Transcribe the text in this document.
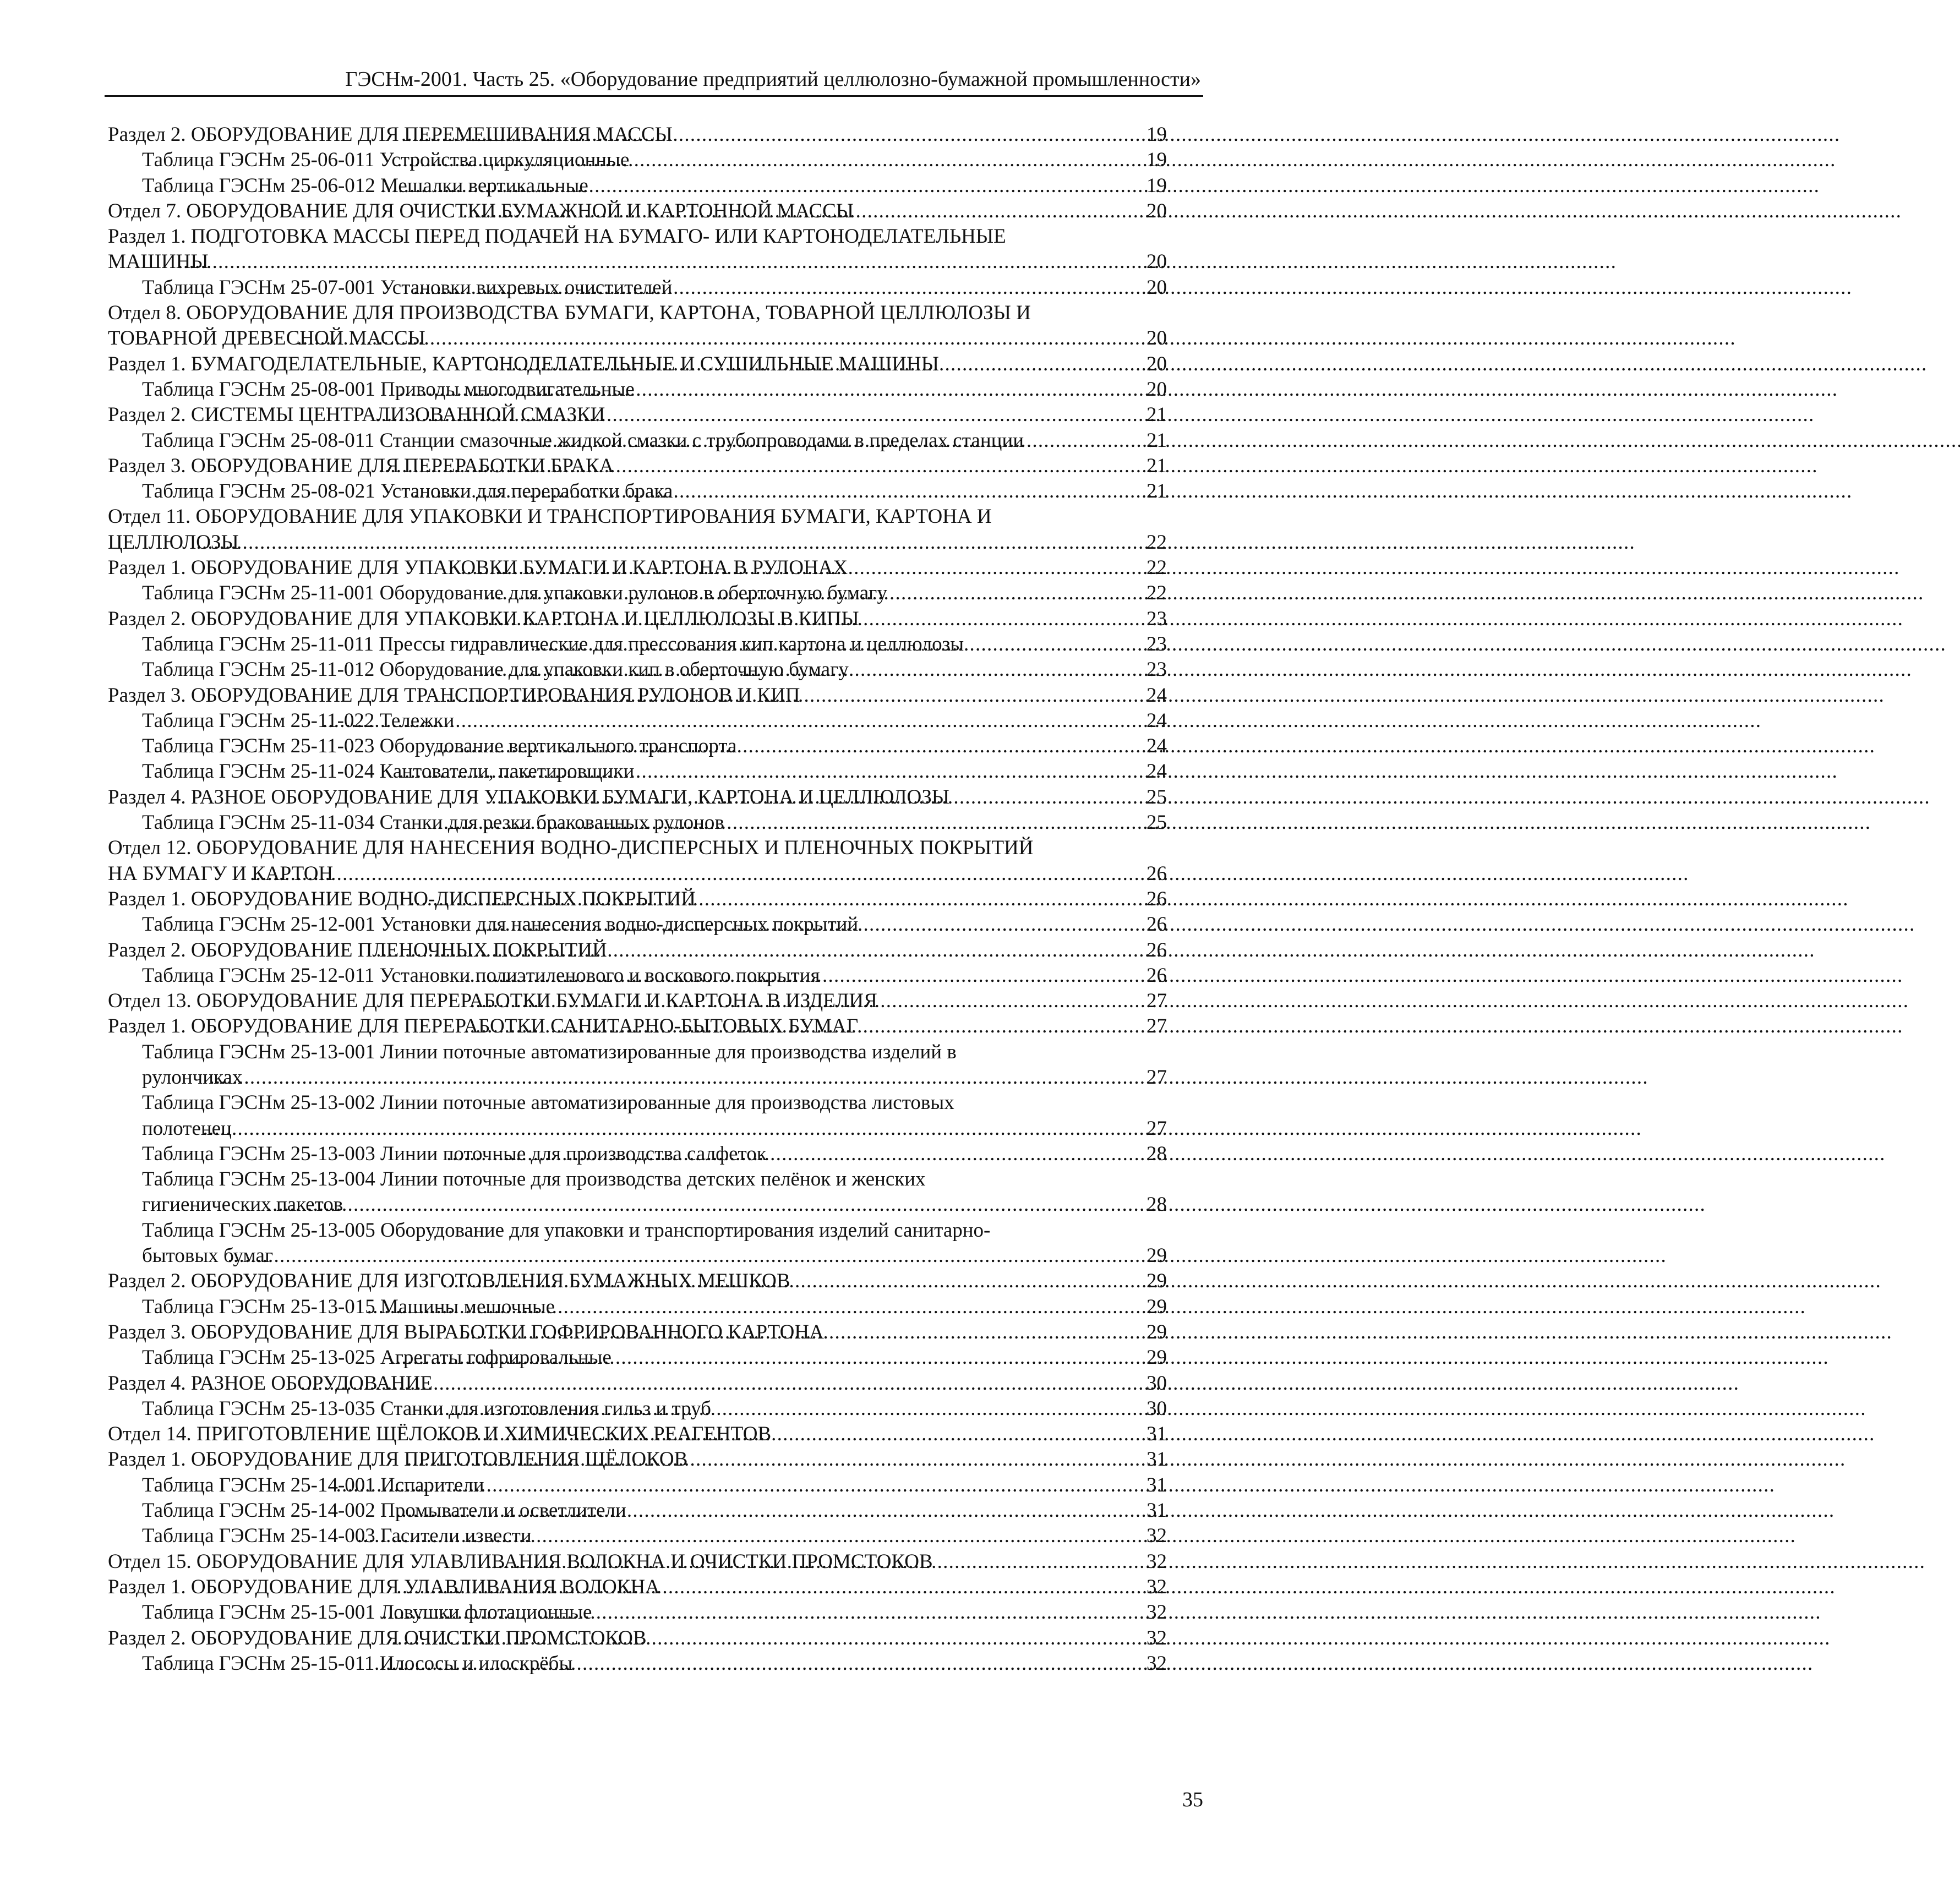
ГЭСНм-2001. Часть 25. «Оборудование предприятий целлюлозно-бумажной промышленности»
Раздел 2. ОБОРУДОВАНИЕ ДЛЯ ПЕРЕМЕШИВАНИЯ МАССЫ . . .	19
Таблица ГЭСНм 25-06-011 Устройства циркуляционные . . .	19
Таблица ГЭСНм 25-06-012 Мешалки вертикальные . . .	19
Отдел 7. ОБОРУДОВАНИЕ ДЛЯ ОЧИСТКИ БУМАЖНОЙ И КАРТОННОЙ МАССЫ . . .	20
Раздел 1. ПОДГОТОВКА МАССЫ ПЕРЕД ПОДАЧЕЙ НА БУМАГО- ИЛИ КАРТОНОДЕЛАТЕЛЬНЫЕ
МАШИНЫ . . .	20
Таблица ГЭСНм 25-07-001 Установки вихревых очистителей . . .	20
Отдел 8. ОБОРУДОВАНИЕ ДЛЯ ПРОИЗВОДСТВА БУМАГИ, КАРТОНА, ТОВАРНОЙ ЦЕЛЛЮЛОЗЫ И
ТОВАРНОЙ ДРЕВЕСНОЙ МАССЫ . . .	20
Раздел 1. БУМАГОДЕЛАТЕЛЬНЫЕ, КАРТОНОДЕЛАТЕЛЬНЫЕ И СУШИЛЬНЫЕ МАШИНЫ . . .	20
Таблица ГЭСНм 25-08-001 Приводы многодвигательные . . .	20
Раздел 2. СИСТЕМЫ ЦЕНТРАЛИЗОВАННОЙ СМАЗКИ . . .	21
Таблица ГЭСНм 25-08-011 Станции смазочные жидкой смазки с трубопроводами в пределах станции . . .	21
Раздел 3. ОБОРУДОВАНИЕ ДЛЯ ПЕРЕРАБОТКИ БРАКА . . .	21
Таблица ГЭСНм 25-08-021 Установки для переработки брака . . .	21
Отдел 11. ОБОРУДОВАНИЕ ДЛЯ УПАКОВКИ И ТРАНСПОРТИРОВАНИЯ БУМАГИ, КАРТОНА И
ЦЕЛЛЮЛОЗЫ . . .	22
Раздел 1. ОБОРУДОВАНИЕ ДЛЯ УПАКОВКИ БУМАГИ И КАРТОНА В РУЛОНАХ . . .	22
Таблица ГЭСНм 25-11-001 Оборудование для упаковки рулонов в оберточную бумагу . . .	22
Раздел 2. ОБОРУДОВАНИЕ ДЛЯ УПАКОВКИ КАРТОНА И ЦЕЛЛЮЛОЗЫ В КИПЫ . . .	23
Таблица ГЭСНм 25-11-011 Прессы гидравлические для прессования кип картона и целлюлозы . . .	23
Таблица ГЭСНм 25-11-012 Оборудование для упаковки кип в оберточную бумагу . . .	23
Раздел 3. ОБОРУДОВАНИЕ ДЛЯ ТРАНСПОРТИРОВАНИЯ РУЛОНОВ И КИП . . .	24
Таблица ГЭСНм 25-11-022 Тележки . . .	24
Таблица ГЭСНм 25-11-023 Оборудование вертикального транспорта . . .	24
Таблица ГЭСНм 25-11-024 Кантователи, пакетировщики . . .	24
Раздел 4. РАЗНОЕ ОБОРУДОВАНИЕ ДЛЯ УПАКОВКИ БУМАГИ, КАРТОНА И ЦЕЛЛЮЛОЗЫ . . .	25
Таблица ГЭСНм 25-11-034 Станки для резки бракованных рулонов . . .	25
Отдел 12. ОБОРУДОВАНИЕ ДЛЯ НАНЕСЕНИЯ ВОДНО-ДИСПЕРСНЫХ И ПЛЕНОЧНЫХ ПОКРЫТИЙ
НА БУМАГУ И КАРТОН . . .	26
Раздел 1. ОБОРУДОВАНИЕ ВОДНО-ДИСПЕРСНЫХ ПОКРЫТИЙ . . .	26
Таблица ГЭСНм 25-12-001 Установки для нанесения водно-дисперсных покрытий . . .	26
Раздел 2. ОБОРУДОВАНИЕ ПЛЕНОЧНЫХ ПОКРЫТИЙ . . .	26
Таблица ГЭСНм 25-12-011 Установки полиэтиленового и воскового покрытия . . .	26
Отдел 13. ОБОРУДОВАНИЕ ДЛЯ ПЕРЕРАБОТКИ БУМАГИ И КАРТОНА В ИЗДЕЛИЯ . . .	27
Раздел 1. ОБОРУДОВАНИЕ ДЛЯ ПЕРЕРАБОТКИ САНИТАРНО-БЫТОВЫХ БУМАГ . . .	27
Таблица ГЭСНм 25-13-001 Линии поточные автоматизированные для производства изделий в
рулончиках . . .	27
Таблица ГЭСНм 25-13-002 Линии поточные автоматизированные для производства листовых
полотенец . . .	27
Таблица ГЭСНм 25-13-003 Линии поточные для производства салфеток . . .	28
Таблица ГЭСНм 25-13-004 Линии поточные для производства детских пелёнок и женских
гигиенических пакетов . . .	28
Таблица ГЭСНм 25-13-005 Оборудование для упаковки и транспортирования изделий санитарно-
бытовых бумаг . . .	29
Раздел 2. ОБОРУДОВАНИЕ ДЛЯ ИЗГОТОВЛЕНИЯ БУМАЖНЫХ МЕШКОВ . . .	29
Таблица ГЭСНм 25-13-015 Машины мешочные . . .	29
Раздел 3. ОБОРУДОВАНИЕ ДЛЯ ВЫРАБОТКИ ГОФРИРОВАННОГО КАРТОНА . . .	29
Таблица ГЭСНм 25-13-025 Агрегаты гофрировальные . . .	29
Раздел 4. РАЗНОЕ ОБОРУДОВАНИЕ . . .	30
Таблица ГЭСНм 25-13-035 Станки для изготовления гильз и труб . . .	30
Отдел 14. ПРИГОТОВЛЕНИЕ ЩЁЛОКОВ И ХИМИЧЕСКИХ РЕАГЕНТОВ . . .	31
Раздел 1. ОБОРУДОВАНИЕ ДЛЯ ПРИГОТОВЛЕНИЯ ЩЁЛОКОВ . . .	31
Таблица ГЭСНм 25-14-001 Испарители . . .	31
Таблица ГЭСНм 25-14-002 Промыватели и осветлители . . .	31
Таблица ГЭСНм 25-14-003 Гасители извести . . .	32
Отдел 15. ОБОРУДОВАНИЕ ДЛЯ УЛАВЛИВАНИЯ ВОЛОКНА И ОЧИСТКИ ПРОМСТОКОВ . . .	32
Раздел 1. ОБОРУДОВАНИЕ ДЛЯ УЛАВЛИВАНИЯ ВОЛОКНА . . .	32
Таблица ГЭСНм 25-15-001 Ловушки флотационные . . .	32
Раздел 2. ОБОРУДОВАНИЕ ДЛЯ ОЧИСТКИ ПРОМСТОКОВ . . .	32
Таблица ГЭСНм 25-15-011 Илососы и илоскрёбы . . .	32
35
